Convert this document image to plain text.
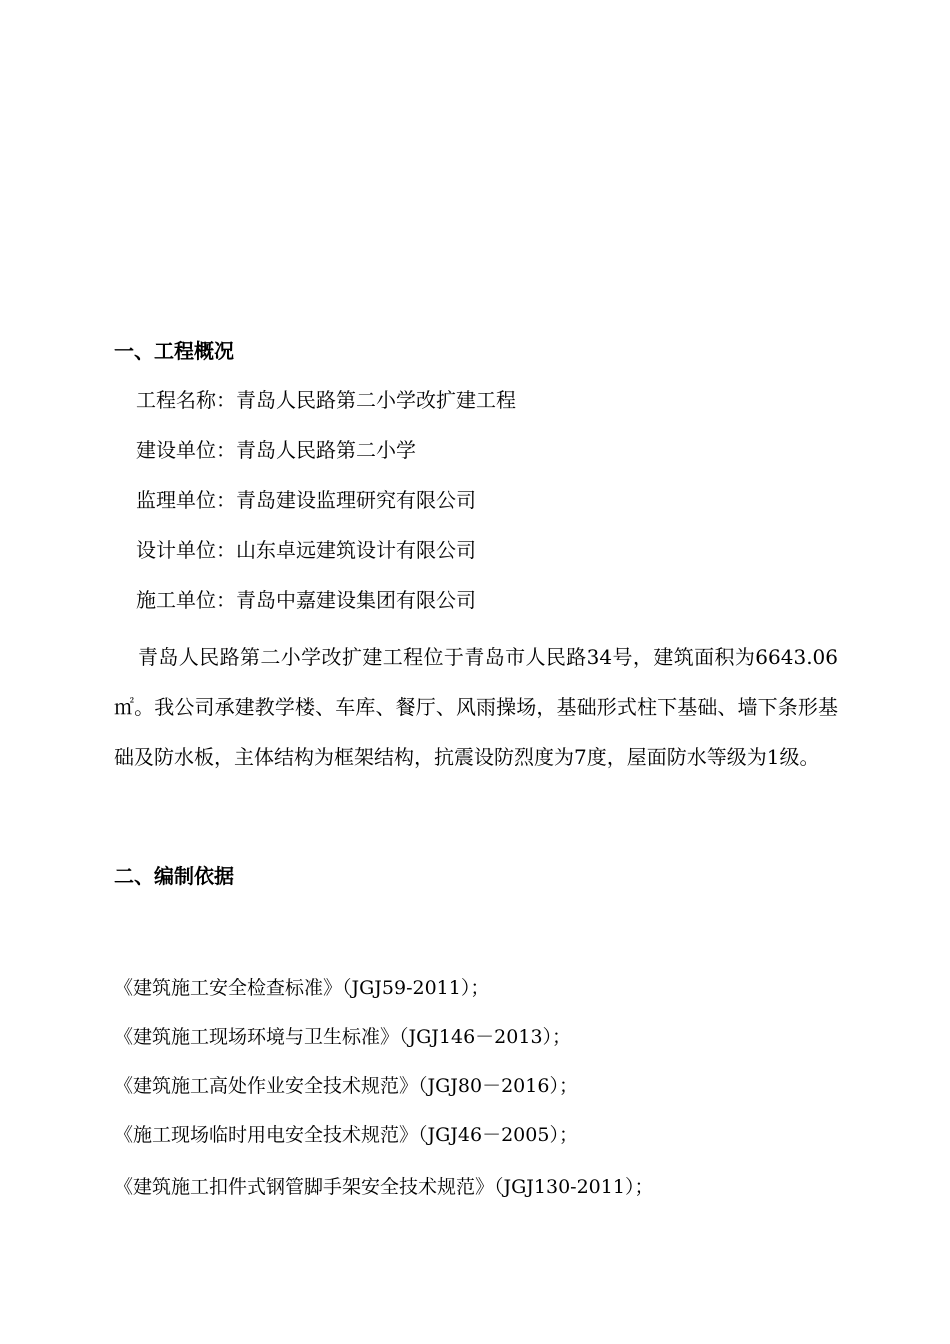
一、工程概况
工程名称：青岛人民路第二小学改扩建工程
建设单位：青岛人民路第二小学
监理单位：青岛建设监理研究有限公司
设计单位：山东卓远建筑设计有限公司
施工单位：青岛中嘉建设集团有限公司

青岛人民路第二小学改扩建工程位于青岛市人民路34号，建筑面积为6643.06㎡。我公司承建教学楼、车库、餐厅、风雨操场，基础形式柱下基础、墙下条形基础及防水板，主体结构为框架结构，抗震设防烈度为7度，屋面防水等级为1级。

二、编制依据
《建筑施工安全检查标准》（JGJ59-2011）；
《建筑施工现场环境与卫生标准》（JGJ146－2013）；
《建筑施工高处作业安全技术规范》（JGJ80－2016）；
《施工现场临时用电安全技术规范》（JGJ46－2005）；
《建筑施工扣件式钢管脚手架安全技术规范》（JGJ130-2011）；
